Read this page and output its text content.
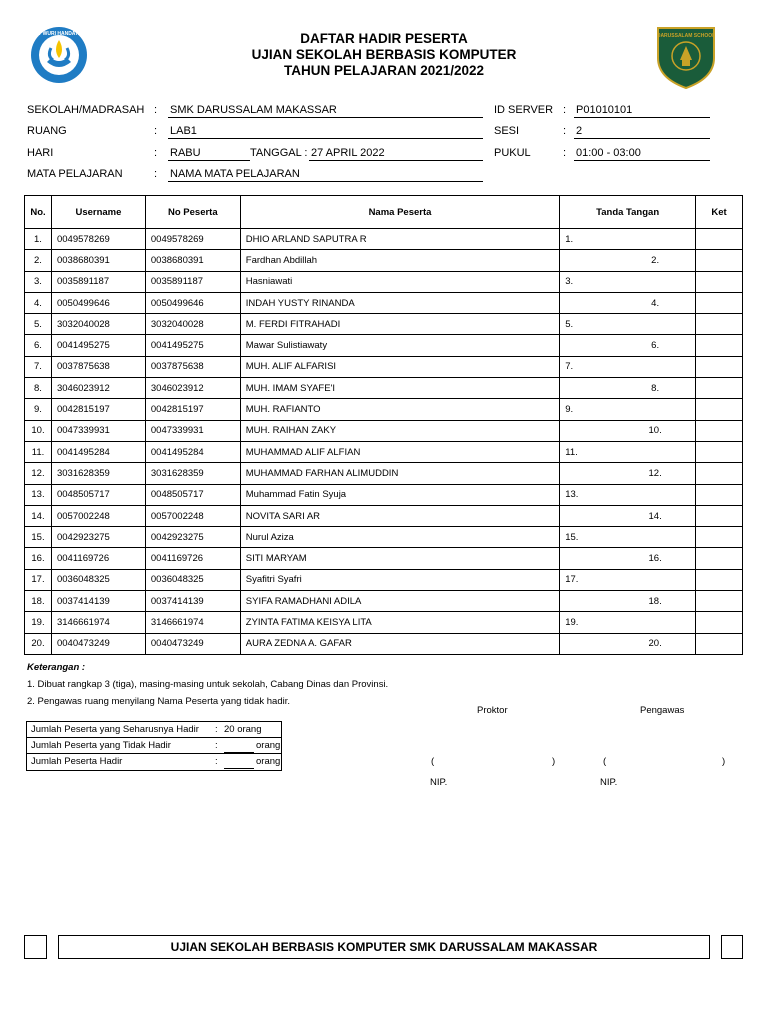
TUT WURI HANDAYANI	DARUSSALAM SCHOOL
DAFTAR HADIR PESERTA
UJIAN SEKOLAH BERBASIS KOMPUTER
TAHUN PELAJARAN 2021/2022
SEKOLAH/MADRASAH : SMK DARUSSALAM MAKASSAR
RUANG	: LAB1
HARI	: RABU	TANGGAL : 27 APRIL 2022
MATA PELAJARAN	: NAMA MATA PELAJARAN
ID SERVER : P01010101
SESI	: 2
PUKUL	: 01:00 - 03:00
No.	Username	No Peserta	Nama Peserta	Tanda Tangan	Ket
1.	0049578269	0049578269	DHIO ARLAND SAPUTRA R	1.	
2.	0038680391	0038680391	Fardhan Abdillah	2.	
3.	0035891187	0035891187	Hasniawati	3.	
4.	0050499646	0050499646	INDAH YUSTY RINANDA	4.	
5.	3032040028	3032040028	M. FERDI FITRAHADI	5.	
6.	0041495275	0041495275	Mawar Sulistiawaty	6.	
7.	0037875638	0037875638	MUH. ALIF ALFARISI	7.	
8.	3046023912	3046023912	MUH. IMAM SYAFE'I	8.	
9.	0042815197	0042815197	MUH. RAFIANTO	9.	
10.	0047339931	0047339931	MUH. RAIHAN ZAKY	10.	
11.	0041495284	0041495284	MUHAMMAD ALIF ALFIAN	11.	
12.	3031628359	3031628359	MUHAMMAD FARHAN ALIMUDDIN	12.	
13.	0048505717	0048505717	Muhammad Fatin Syuja	13.	
14.	0057002248	0057002248	NOVITA SARI AR	14.	
15.	0042923275	0042923275	Nurul Aziza	15.	
16.	0041169726	0041169726	SITI MARYAM	16.	
17.	0036048325	0036048325	Syafitri Syafri	17.	
18.	0037414139	0037414139	SYIFA RAMADHANI ADILA	18.	
19.	3146661974	3146661974	ZYINTA FATIMA KEISYA LITA	19.	
20.	0040473249	0040473249	AURA ZEDNA A. GAFAR	20.	
Keterangan :
1. Dibuat rangkap 3 (tiga), masing-masing untuk sekolah, Cabang Dinas dan Provinsi.
2. Pengawas ruang menyilang Nama Peserta yang tidak hadir.
Jumlah Peserta yang Seharusnya Hadir : 20 orang
Jumlah Peserta yang Tidak Hadir	:	orang
Jumlah Peserta Hadir	:	orang
Proktor	Pengawas
(	)	(	)
NIP.	NIP.
UJIAN SEKOLAH BERBASIS KOMPUTER SMK DARUSSALAM MAKASSAR
